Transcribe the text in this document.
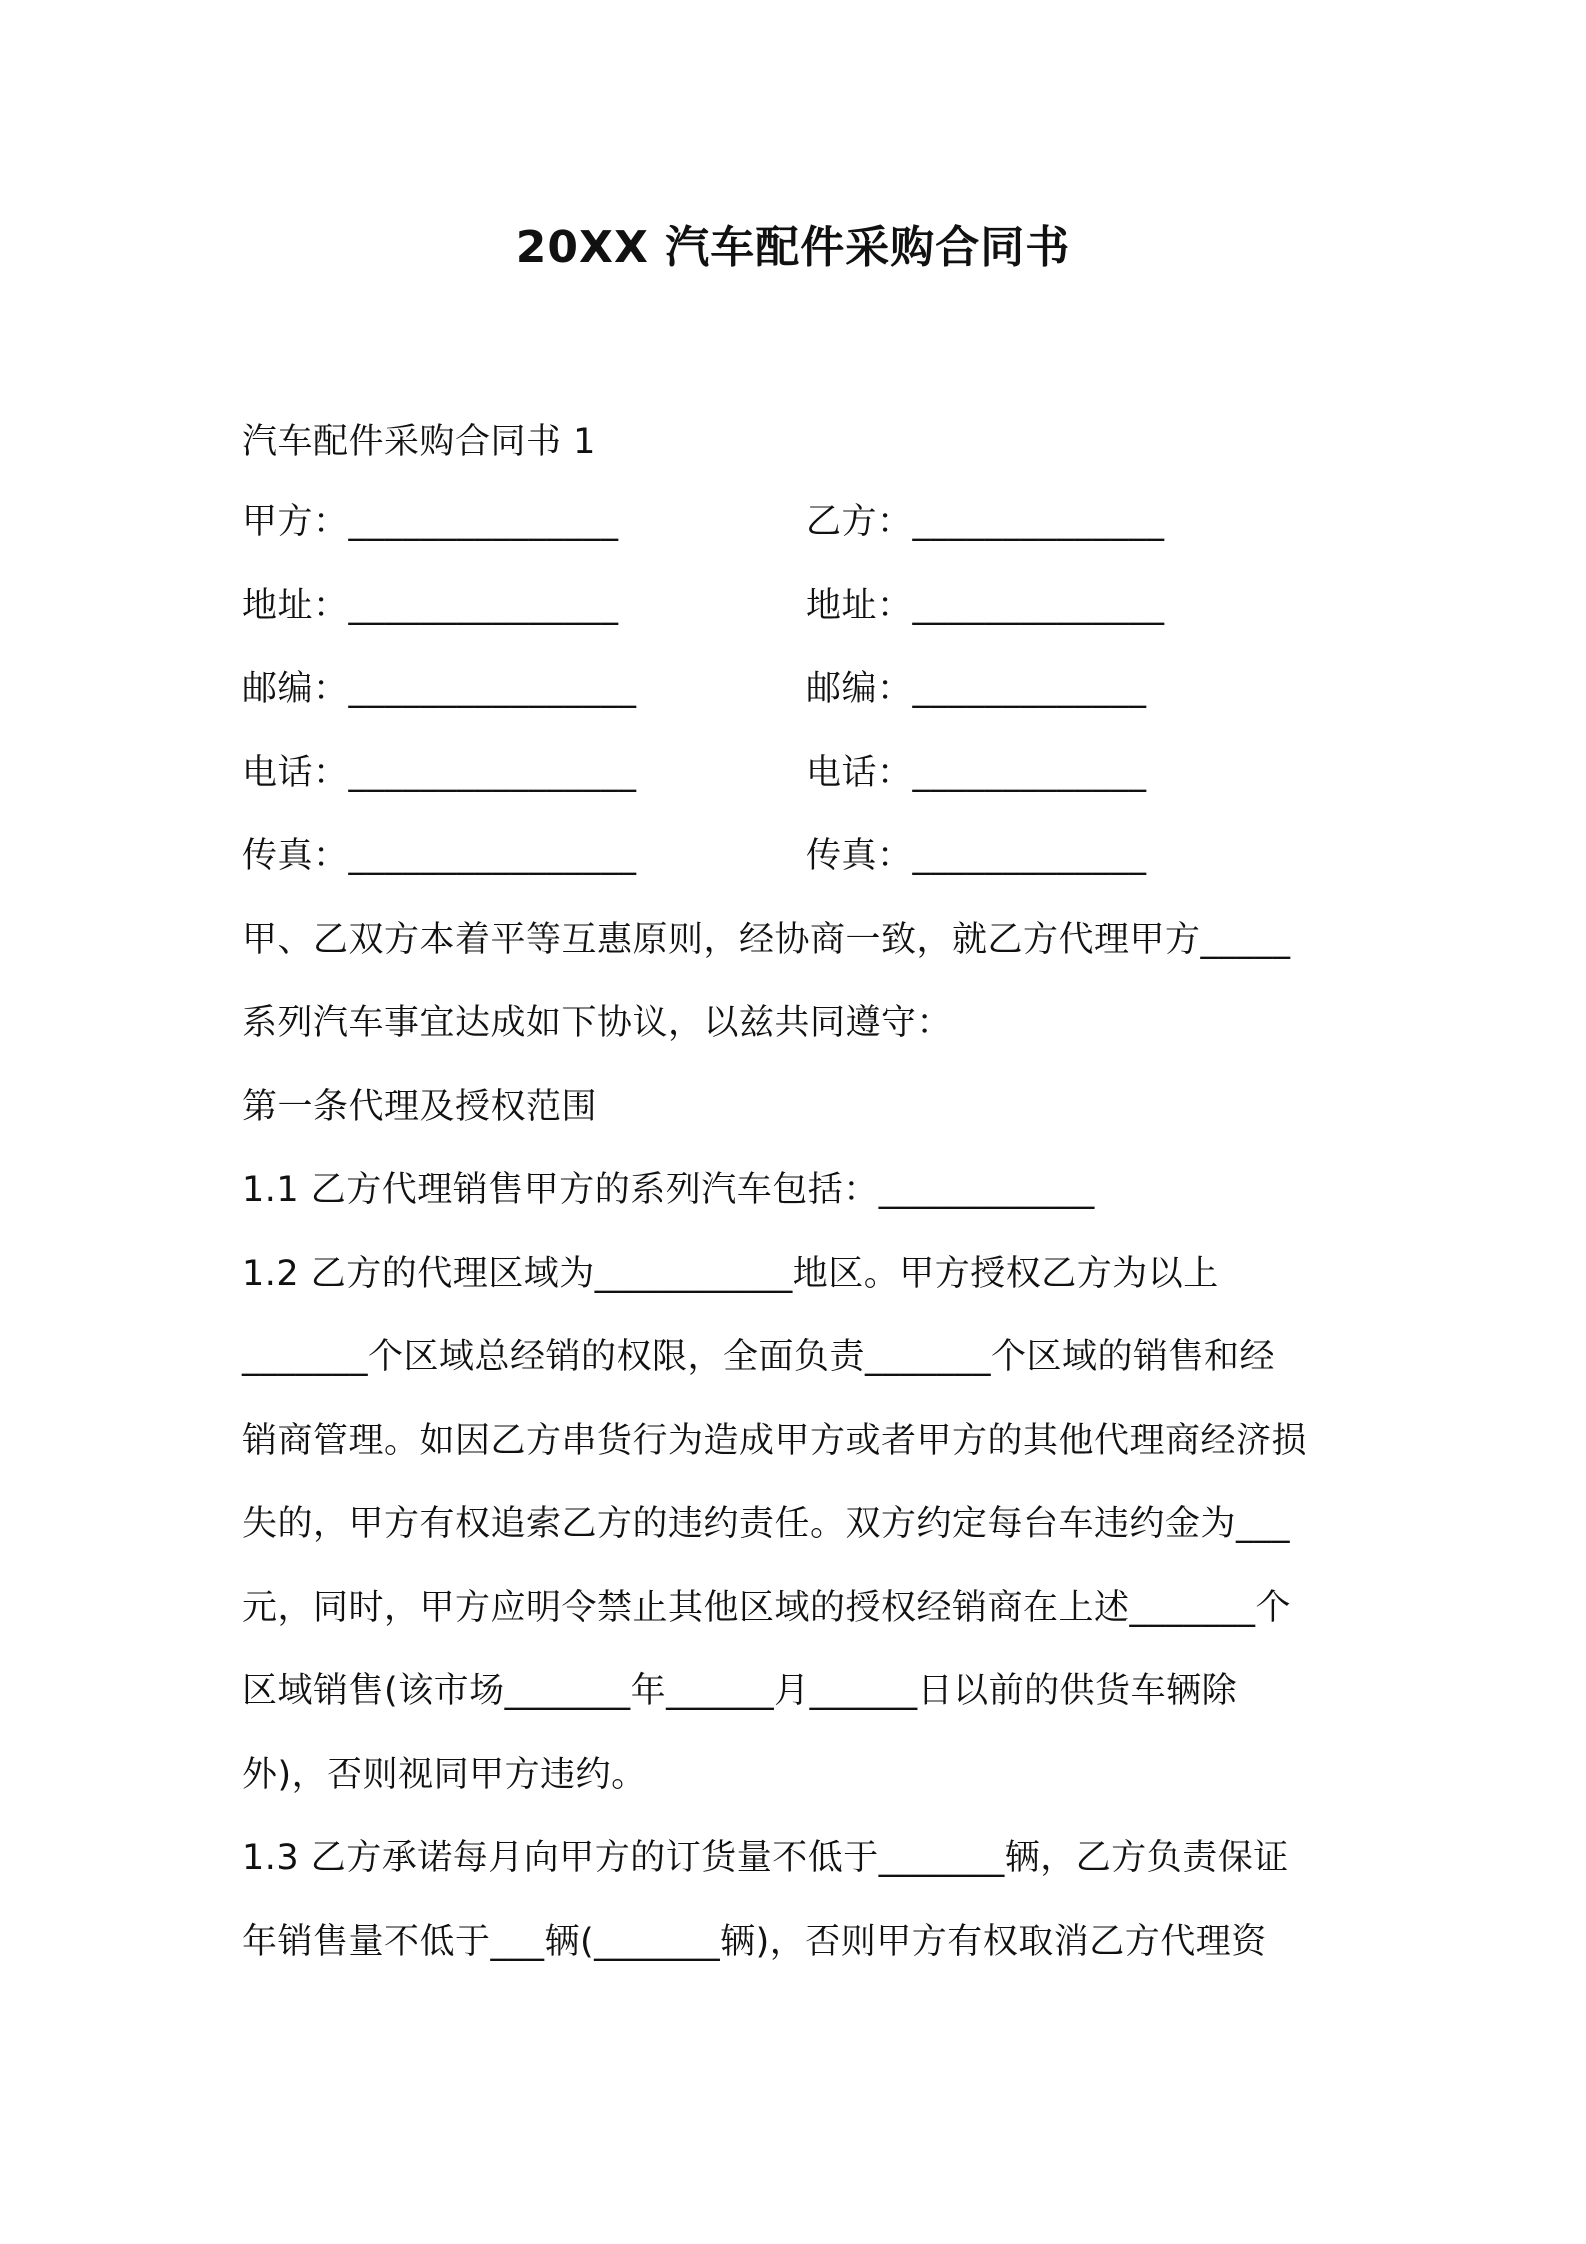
20XX 汽车配件采购合同书
汽车配件采购合同书 1
甲方：_______________	乙方：______________
地址：_______________	地址：______________
邮编：________________	邮编：_____________
电话：________________	电话：_____________
传真：________________	传真：_____________
甲、乙双方本着平等互惠原则，经协商一致，就乙方代理甲方_____
系列汽车事宜达成如下协议，以兹共同遵守：
第一条代理及授权范围
1.1 乙方代理销售甲方的系列汽车包括：____________
1.2 乙方的代理区域为___________地区。甲方授权乙方为以上
_______个区域总经销的权限，全面负责_______个区域的销售和经
销商管理。如因乙方串货行为造成甲方或者甲方的其他代理商经济损
失的，甲方有权追索乙方的违约责任。双方约定每台车违约金为___
元，同时，甲方应明令禁止其他区域的授权经销商在上述_______个
区域销售(该市场_______年______月______日以前的供货车辆除
外)，否则视同甲方违约。
1.3 乙方承诺每月向甲方的订货量不低于_______辆，乙方负责保证
年销售量不低于___辆(_______辆)，否则甲方有权取消乙方代理资
